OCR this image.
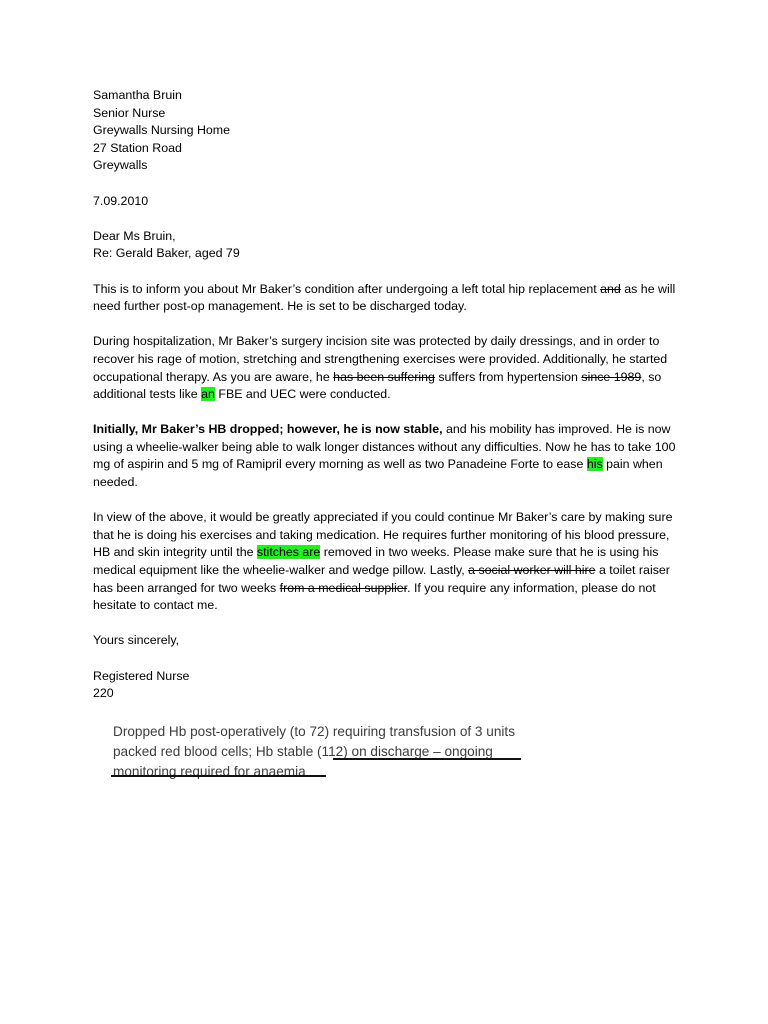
Samantha Bruin

Senior Nurse

Greywalls Nursing Home

27 Station Road

Greywalls

7.09.2010

Dear Ms Bruin,

Re: Gerald Baker, aged 79

This is to inform you about Mr Baker’s condition after undergoing a left total hip replacement and as he will need further post-op management. He is set to be discharged today.

During hospitalization, Mr Baker’s surgery incision site was protected by daily dressings, and in order to recover his rage of motion, stretching and strengthening exercises were provided. Additionally, he started occupational therapy. As you are aware, he has been suffering suffers from hypertension since 1989, so additional tests like an FBE and UEC were conducted.

Initially, Mr Baker’s HB dropped; however, he is now stable, and his mobility has improved. He is now using a wheelie-walker being able to walk longer distances without any difficulties. Now he has to take 100 mg of aspirin and 5 mg of Ramipril every morning as well as two Panadeine Forte to ease his pain when needed.

In view of the above, it would be greatly appreciated if you could continue Mr Baker’s care by making sure that he is doing his exercises and taking medication. He requires further monitoring of his blood pressure, HB and skin integrity until the stitches are removed in two weeks. Please make sure that he is using his medical equipment like the wheelie-walker and wedge pillow. Lastly, a social worker will hire a toilet raiser has been arranged for two weeks from a medical supplier. If you require any information, please do not hesitate to contact me.

Yours sincerely,

Registered Nurse

220

Dropped Hb post-operatively (to 72) requiring transfusion of 3 units

packed red blood cells; Hb stable (112) on discharge – ongoing

monitoring required for anaemia
